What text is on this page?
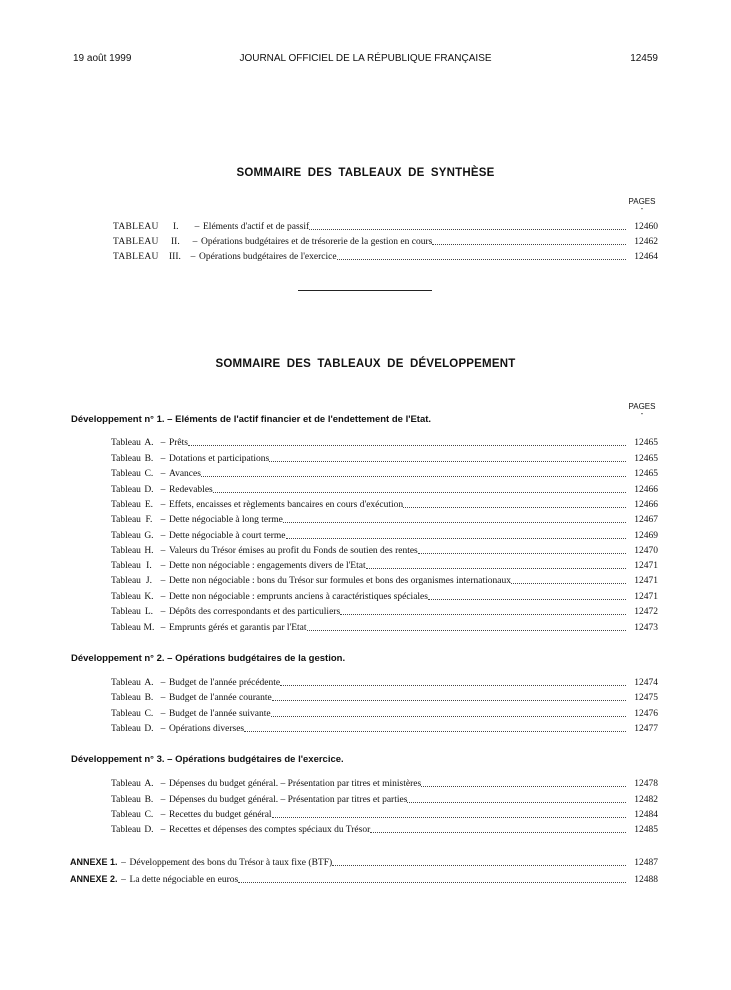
19 août 1999	JOURNAL OFFICIEL DE LA RÉPUBLIQUE FRANÇAISE	12459
SOMMAIRE DES TABLEAUX DE SYNTHÈSE
PAGES
-
TABLEAU I. – Eléments d'actif et de passif	12460
TABLEAU II. – Opérations budgétaires et de trésorerie de la gestion en cours	12462
TABLEAU III. – Opérations budgétaires de l'exercice	12464
SOMMAIRE DES TABLEAUX DE DÉVELOPPEMENT
PAGES
-
Développement n° 1. – Eléments de l'actif financier et de l'endettement de l'Etat.
Tableau A. – Prêts	12465
Tableau B. – Dotations et participations	12465
Tableau C. – Avances	12465
Tableau D. – Redevables	12466
Tableau E. – Effets, encaisses et règlements bancaires en cours d'exécution	12466
Tableau F. – Dette négociable à long terme	12467
Tableau G. – Dette négociable à court terme	12469
Tableau H. – Valeurs du Trésor émises au profit du Fonds de soutien des rentes	12470
Tableau I. – Dette non négociable : engagements divers de l'Etat	12471
Tableau J. – Dette non négociable : bons du Trésor sur formules et bons des organismes internationaux	12471
Tableau K. – Dette non négociable : emprunts anciens à caractéristiques spéciales	12471
Tableau L. – Dépôts des correspondants et des particuliers	12472
Tableau M. – Emprunts gérés et garantis par l'Etat	12473
Développement n° 2. – Opérations budgétaires de la gestion.
Tableau A. – Budget de l'année précédente	12474
Tableau B. – Budget de l'année courante	12475
Tableau C. – Budget de l'année suivante	12476
Tableau D. – Opérations diverses	12477
Développement n° 3. – Opérations budgétaires de l'exercice.
Tableau A. – Dépenses du budget général. – Présentation par titres et ministères	12478
Tableau B. – Dépenses du budget général. – Présentation par titres et parties	12482
Tableau C. – Recettes du budget général	12484
Tableau D. – Recettes et dépenses des comptes spéciaux du Trésor	12485
ANNEXE 1. – Développement des bons du Trésor à taux fixe (BTF)	12487
ANNEXE 2. – La dette négociable en euros	12488
